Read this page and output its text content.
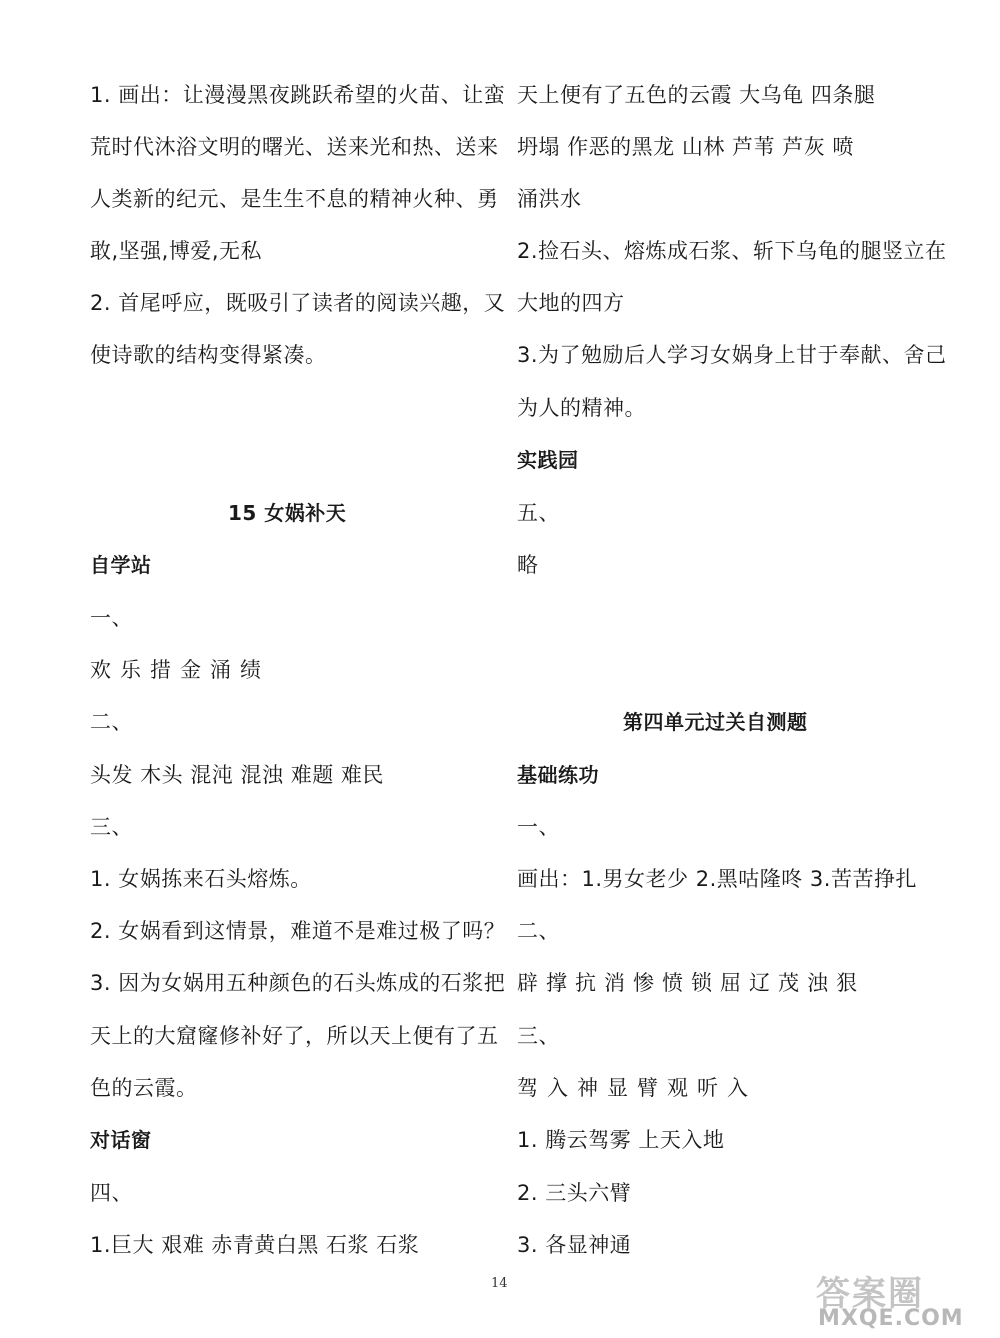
1. 画出：让漫漫黑夜跳跃希望的火苗、让蛮
荒时代沐浴文明的曙光、送来光和热、送来
人类新的纪元、是生生不息的精神火种、勇
敢,坚强,博爱,无私
2. 首尾呼应，既吸引了读者的阅读兴趣，又
使诗歌的结构变得紧凑。
15 女娲补天
自学站
一、
欢乐措金涌绩
二、
头发 木头 混沌 混浊 难题 难民
三、
1. 女娲拣来石头熔炼。
2. 女娲看到这情景，难道不是难过极了吗？
3. 因为女娲用五种颜色的石头炼成的石浆把
天上的大窟窿修补好了，所以天上便有了五
色的云霞。
对话窗
四、
1.巨大 艰难 赤青黄白黑 石浆 石浆
天上便有了五色的云霞 大乌龟 四条腿
坍塌 作恶的黑龙 山林 芦苇 芦灰 喷
涌洪水
2.捡石头、熔炼成石浆、斩下乌龟的腿竖立在
大地的四方
3.为了勉励后人学习女娲身上甘于奉献、舍己
为人的精神。
实践园
五、
略
第四单元过关自测题
基础练功
一、
画出：1.男女老少 2.黑咕隆咚 3.苦苦挣扎
二、
辟撑抗消惨愤锁屈辽茂浊狠
三、
驾入神显臂观听入
1. 腾云驾雾 上天入地
2. 三头六臂
3. 各显神通
14	答案圈
MXQE.COM
